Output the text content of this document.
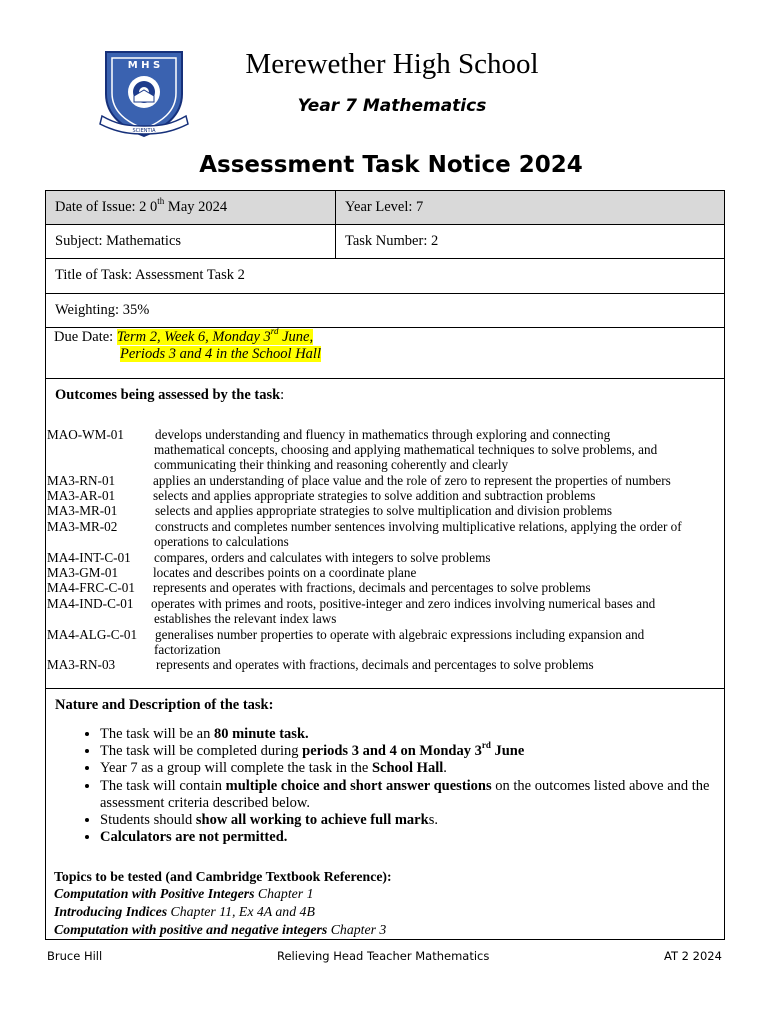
M H S
SCIENTIA
Merewether High School
Year 7 Mathematics
Assessment Task Notice 2024
Date of Issue: 2 0th May 2024	Year Level: 7
Subject: Mathematics	Task Number: 2
Title of Task: Assessment Task 2
Weighting: 35%
Due Date: Term 2, Week 6, Monday 3rd June,
Periods 3 and 4 in the School Hall
Outcomes being assessed by the task:
MAO-WM-01 develops understanding and fluency in mathematics through exploring and connecting
mathematical concepts, choosing and applying mathematical techniques to solve problems, and
communicating their thinking and reasoning coherently and clearly
MA3-RN-01	applies an understanding of place value and the role of zero to represent the properties of numbers
MA3-AR-01	selects and applies appropriate strategies to solve addition and subtraction problems
MA3-MR-01	selects and applies appropriate strategies to solve multiplication and division problems
MA3-MR-02	constructs and completes number sentences involving multiplicative relations, applying the order of
operations to calculations
MA4-INT-C-01 compares, orders and calculates with integers to solve problems
MA3-GM-01	locates and describes points on a coordinate plane
MA4-FRC-C-01 represents and operates with fractions, decimals and percentages to solve problems
MA4-IND-C-01 operates with primes and roots, positive-integer and zero indices involving numerical bases and
establishes the relevant index laws
MA4-ALG-C-01 generalises number properties to operate with algebraic expressions including expansion and
factorization
MA3-RN-03	represents and operates with fractions, decimals and percentages to solve problems
Nature and Description of the task:
• The task will be an 80 minute task.
• The task will be completed during periods 3 and 4 on Monday 3rd June
• Year 7 as a group will complete the task in the School Hall.
• The task will contain multiple choice and short answer questions on the outcomes listed above and the assessment criteria described below.
• Students should show all working to achieve full marks.
• Calculators are not permitted.
Topics to be tested (and Cambridge Textbook Reference):
Computation with Positive Integers Chapter 1
Introducing Indices Chapter 11, Ex 4A and 4B
Computation with positive and negative integers Chapter 3
Bruce Hill	Relieving Head Teacher Mathematics	AT 2 2024
